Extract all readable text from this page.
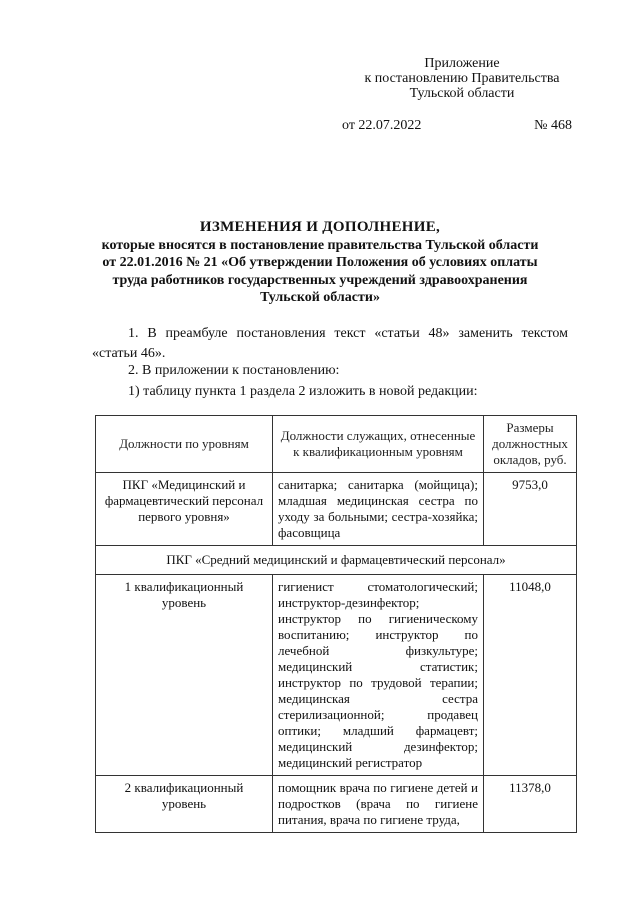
Приложение
к постановлению Правительства
Тульской области
от 22.07.2022	№ 468
ИЗМЕНЕНИЯ И ДОПОЛНЕНИЕ,
которые вносятся в постановление правительства Тульской области
от 22.01.2016 № 21 «Об утверждении Положения об условиях оплаты
труда работников государственных учреждений здравоохранения
Тульской области»
1. В преамбуле постановления текст «статьи 48» заменить текстом «статьи 46».
2. В приложении к постановлению:
1) таблицу пункта 1 раздела 2 изложить в новой редакции:
Должности по уровням	Должности служащих, отнесенные к квалификационным уровням	Размеры должностных окладов, руб.
ПКГ «Медицинский и фармацевтический персонал первого уровня»	санитарка; санитарка (мойщица); младшая медицинская сестра по уходу за больными; сестра-хозяйка; фасовщица	9753,0
ПКГ «Средний медицинский и фармацевтический персонал»		
1 квалификационный уровень	гигиенист стоматологический; инструктор-дезинфектор; инструктор по гигиеническому воспитанию; инструктор по лечебной физкультуре; медицинский статистик; инструктор по трудовой терапии; медицинская сестра стерилизационной; продавец оптики; младший фармацевт; медицинский дезинфектор; медицинский регистратор	11048,0
2 квалификационный уровень	помощник врача по гигиене детей и подростков (врача по гигиене питания, врача по гигиене труда,	11378,0
